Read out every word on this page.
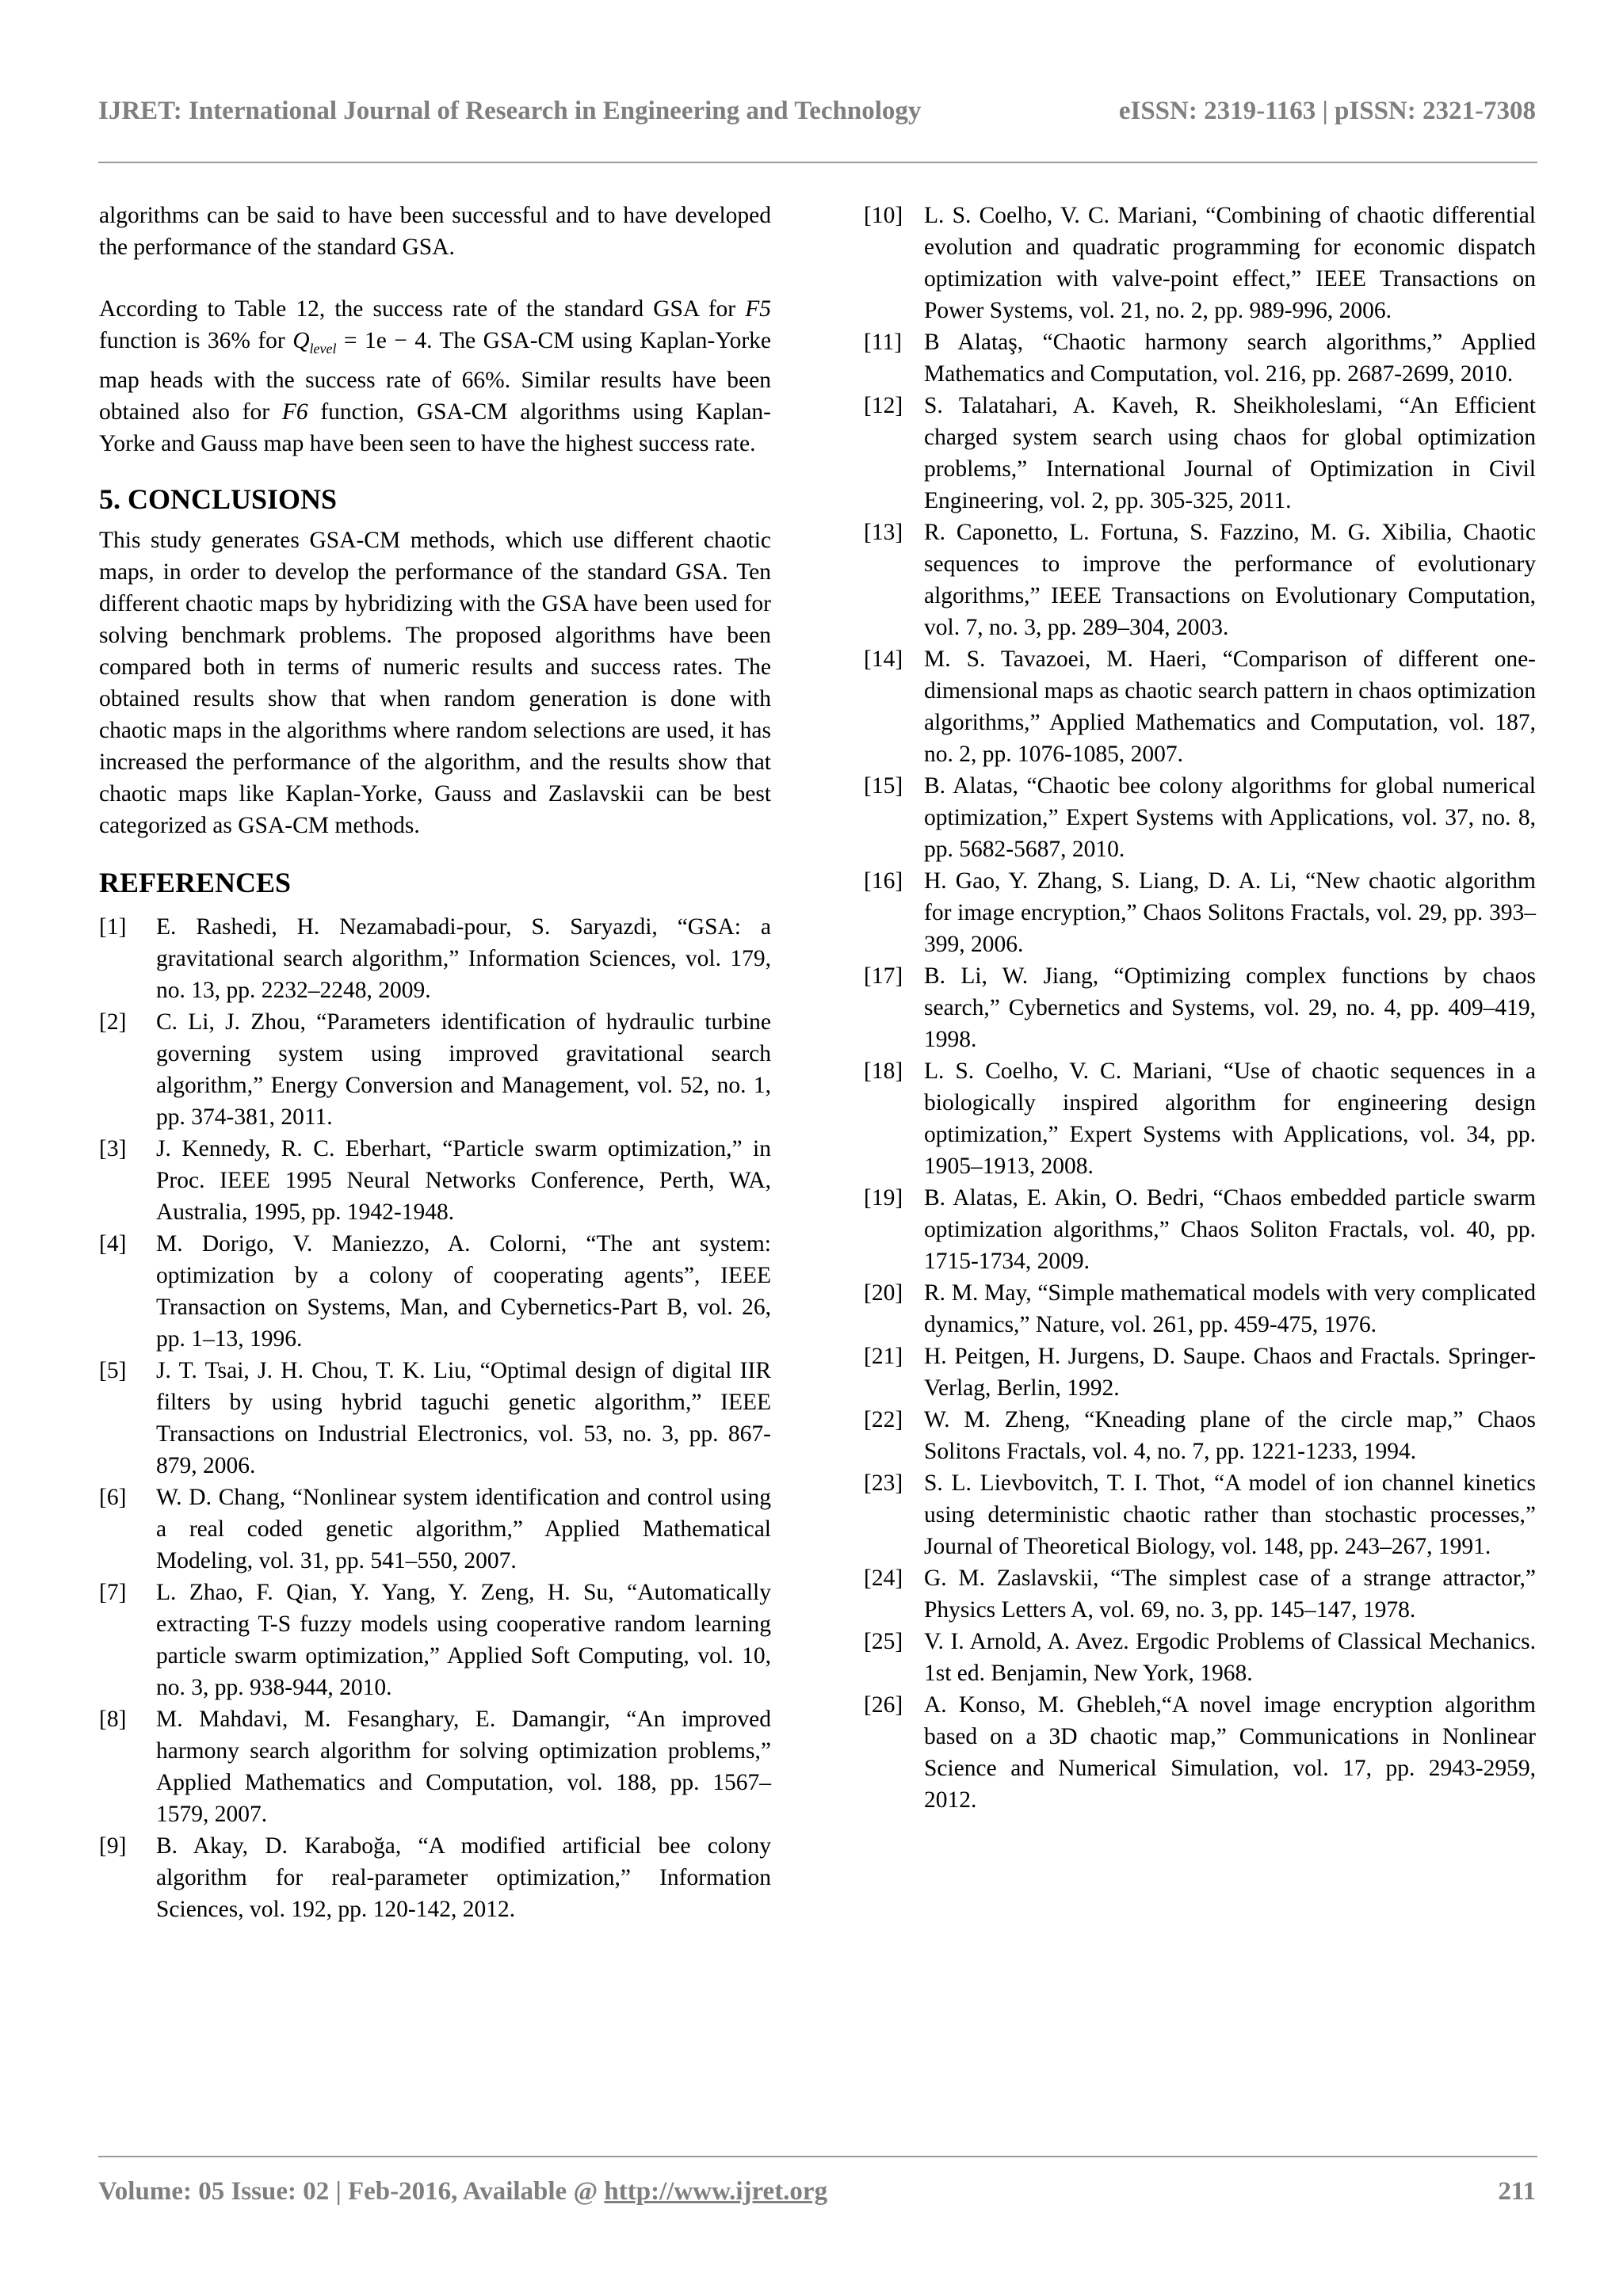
IJRET: International Journal of Research in Engineering and Technology	eISSN: 2319-1163 | pISSN: 2321-7308

algorithms can be said to have been successful and to have developed the performance of the standard GSA.

According to Table 12, the success rate of the standard GSA for F5 function is 36% for $Q_{level} = 1e - 4$. The GSA-CM using Kaplan-Yorke map heads with the success rate of 66%. Similar results have been obtained also for F6 function, GSA-CM algorithms using Kaplan-Yorke and Gauss map have been seen to have the highest success rate.

5. CONCLUSIONS

This study generates GSA-CM methods, which use different chaotic maps, in order to develop the performance of the standard GSA. Ten different chaotic maps by hybridizing with the GSA have been used for solving benchmark problems. The proposed algorithms have been compared both in terms of numeric results and success rates. The obtained results show that when random generation is done with chaotic maps in the algorithms where random selections are used, it has increased the performance of the algorithm, and the results show that chaotic maps like Kaplan-Yorke, Gauss and Zaslavskii can be best categorized as GSA-CM methods.

REFERENCES
[1]	E. Rashedi, H. Nezamabadi-pour, S. Saryazdi, “GSA: a gravitational search algorithm,” Information Sciences, vol. 179, no. 13, pp. 2232–2248, 2009.
[2]	C. Li, J. Zhou, “Parameters identification of hydraulic turbine governing system using improved gravitational search algorithm,” Energy Conversion and Management, vol. 52, no. 1, pp. 374-381, 2011.
[3]	J. Kennedy, R. C. Eberhart, “Particle swarm optimization,” in Proc. IEEE 1995 Neural Networks Conference, Perth, WA, Australia, 1995, pp. 1942-1948.
[4]	M. Dorigo, V. Maniezzo, A. Colorni, “The ant system: optimization by a colony of cooperating agents”, IEEE Transaction on Systems, Man, and Cybernetics-Part B, vol. 26, pp. 1–13, 1996.
[5]	J. T. Tsai, J. H. Chou, T. K. Liu, “Optimal design of digital IIR filters by using hybrid taguchi genetic algorithm,” IEEE Transactions on Industrial Electronics, vol. 53, no. 3, pp. 867-879, 2006.
[6]	W. D. Chang, “Nonlinear system identification and control using a real coded genetic algorithm,” Applied Mathematical Modeling, vol. 31, pp. 541–550, 2007.
[7]	L. Zhao, F. Qian, Y. Yang, Y. Zeng, H. Su, “Automatically extracting T-S fuzzy models using cooperative random learning particle swarm optimization,” Applied Soft Computing, vol. 10, no. 3, pp. 938-944, 2010.
[8]	M. Mahdavi, M. Fesanghary, E. Damangir, “An improved harmony search algorithm for solving optimization problems,” Applied Mathematics and Computation, vol. 188, pp. 1567–1579, 2007.
[9]	B. Akay, D. Karaboğa, “A modified artificial bee colony algorithm for real-parameter optimization,” Information Sciences, vol. 192, pp. 120-142, 2012.
[10] L. S. Coelho, V. C. Mariani, “Combining of chaotic differential evolution and quadratic programming for economic dispatch optimization with valve-point effect,” IEEE Transactions on Power Systems, vol. 21, no. 2, pp. 989-996, 2006.
[11] B Alataş, “Chaotic harmony search algorithms,” Applied Mathematics and Computation, vol. 216, pp. 2687-2699, 2010.
[12] S. Talatahari, A. Kaveh, R. Sheikholeslami, “An Efficient charged system search using chaos for global optimization problems,” International Journal of Optimization in Civil Engineering, vol. 2, pp. 305-325, 2011.
[13] R. Caponetto, L. Fortuna, S. Fazzino, M. G. Xibilia, Chaotic sequences to improve the performance of evolutionary algorithms,” IEEE Transactions on Evolutionary Computation, vol. 7, no. 3, pp. 289–304, 2003.
[14] M. S. Tavazoei, M. Haeri, “Comparison of different one-dimensional maps as chaotic search pattern in chaos optimization algorithms,” Applied Mathematics and Computation, vol. 187, no. 2, pp. 1076-1085, 2007.
[15] B. Alatas, “Chaotic bee colony algorithms for global numerical optimization,” Expert Systems with Applications, vol. 37, no. 8, pp. 5682-5687, 2010.
[16] H. Gao, Y. Zhang, S. Liang, D. A. Li, “New chaotic algorithm for image encryption,” Chaos Solitons Fractals, vol. 29, pp. 393–399, 2006.
[17] B. Li, W. Jiang, “Optimizing complex functions by chaos search,” Cybernetics and Systems, vol. 29, no. 4, pp. 409–419, 1998.
[18] L. S. Coelho, V. C. Mariani, “Use of chaotic sequences in a biologically inspired algorithm for engineering design optimization,” Expert Systems with Applications, vol. 34, pp. 1905–1913, 2008.
[19] B. Alatas, E. Akin, O. Bedri, “Chaos embedded particle swarm optimization algorithms,” Chaos Soliton Fractals, vol. 40, pp. 1715-1734, 2009.
[20] R. M. May, “Simple mathematical models with very complicated dynamics,” Nature, vol. 261, pp. 459-475, 1976.
[21] H. Peitgen, H. Jurgens, D. Saupe. Chaos and Fractals. Springer-Verlag, Berlin, 1992.
[22] W. M. Zheng, “Kneading plane of the circle map,” Chaos Solitons Fractals, vol. 4, no. 7, pp. 1221-1233, 1994.
[23] S. L. Lievbovitch, T. I. Thot, “A model of ion channel kinetics using deterministic chaotic rather than stochastic processes,” Journal of Theoretical Biology, vol. 148, pp. 243–267, 1991.
[24] G. M. Zaslavskii, “The simplest case of a strange attractor,” Physics Letters A, vol. 69, no. 3, pp. 145–147, 1978.
[25] V. I. Arnold, A. Avez. Ergodic Problems of Classical Mechanics. 1st ed. Benjamin, New York, 1968.
[26] A. Konso, M. Ghebleh,“A novel image encryption algorithm based on a 3D chaotic map,” Communications in Nonlinear Science and Numerical Simulation, vol. 17, pp. 2943-2959, 2012.
Volume: 05 Issue: 02 | Feb-2016, Available @ http://www.ijret.org	211
